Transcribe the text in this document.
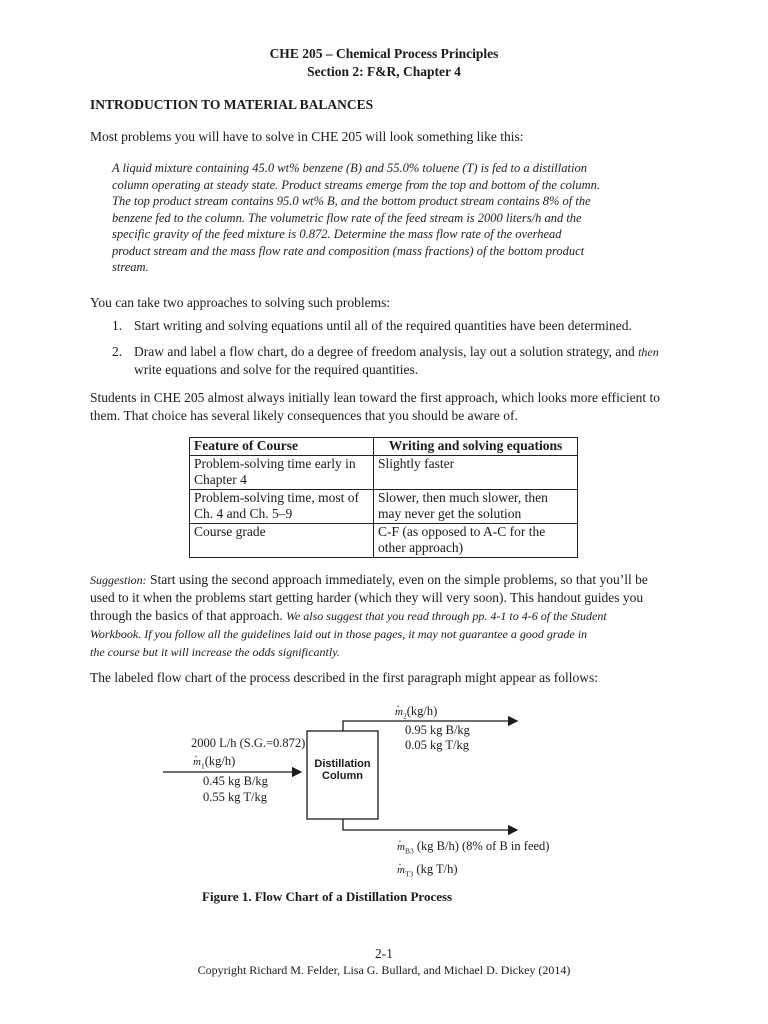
CHE 205 – Chemical Process Principles
Section 2: F&R, Chapter 4
INTRODUCTION TO MATERIAL BALANCES
Most problems you will have to solve in CHE 205 will look something like this:
A liquid mixture containing 45.0 wt% benzene (B) and 55.0% toluene (T) is fed to a distillation
column operating at steady state. Product streams emerge from the top and bottom of the column.
The top product stream contains 95.0 wt% B, and the bottom product stream contains 8% of the
benzene fed to the column. The volumetric flow rate of the feed stream is 2000 liters/h and the
specific gravity of the feed mixture is 0.872. Determine the mass flow rate of the overhead
product stream and the mass flow rate and composition (mass fractions) of the bottom product
stream.
You can take two approaches to solving such problems:
1. Start writing and solving equations until all of the required quantities have been determined.
2. Draw and label a flow chart, do a degree of freedom analysis, lay out a solution strategy, and then
write equations and solve for the required quantities.
Students in CHE 205 almost always initially lean toward the first approach, which looks more efficient to
them. That choice has several likely consequences that you should be aware of.
Feature of Course	Writing and solving equations
Problem-solving time early in
Chapter 4	Slightly faster
Problem-solving time, most of
Ch. 4 and Ch. 5–9	Slower, then much slower, then
may never get the solution
Course grade	C-F (as opposed to A-C for the
other approach)
Suggestion: Start using the second approach immediately, even on the simple problems, so that you’ll be
used to it when the problems start getting harder (which they will very soon). This handout guides you
through the basics of that approach. We also suggest that you read through pp. 4-1 to 4-6 of the Student
Workbook. If you follow all the guidelines laid out in those pages, it may not guarantee a good grade in
the course but it will increase the odds significantly.
The labeled flow chart of the process described in the first paragraph might appear as follows:
2000 L/h (S.G.=0.872)
· $m_1(kg/h)$
0.45 kg B/kg
0.55 kg T/kg
Distillation
Column
· $m_2(kg/h)$
0.95 kg B/kg
0.05 kg T/kg
· $m_{B3}$ (kg B/h) (8% of B in feed)
· $m_{T3}$ (kg T/h)
Figure 1. Flow Chart of a Distillation Process
2-1
Copyright Richard M. Felder, Lisa G. Bullard, and Michael D. Dickey (2014)
